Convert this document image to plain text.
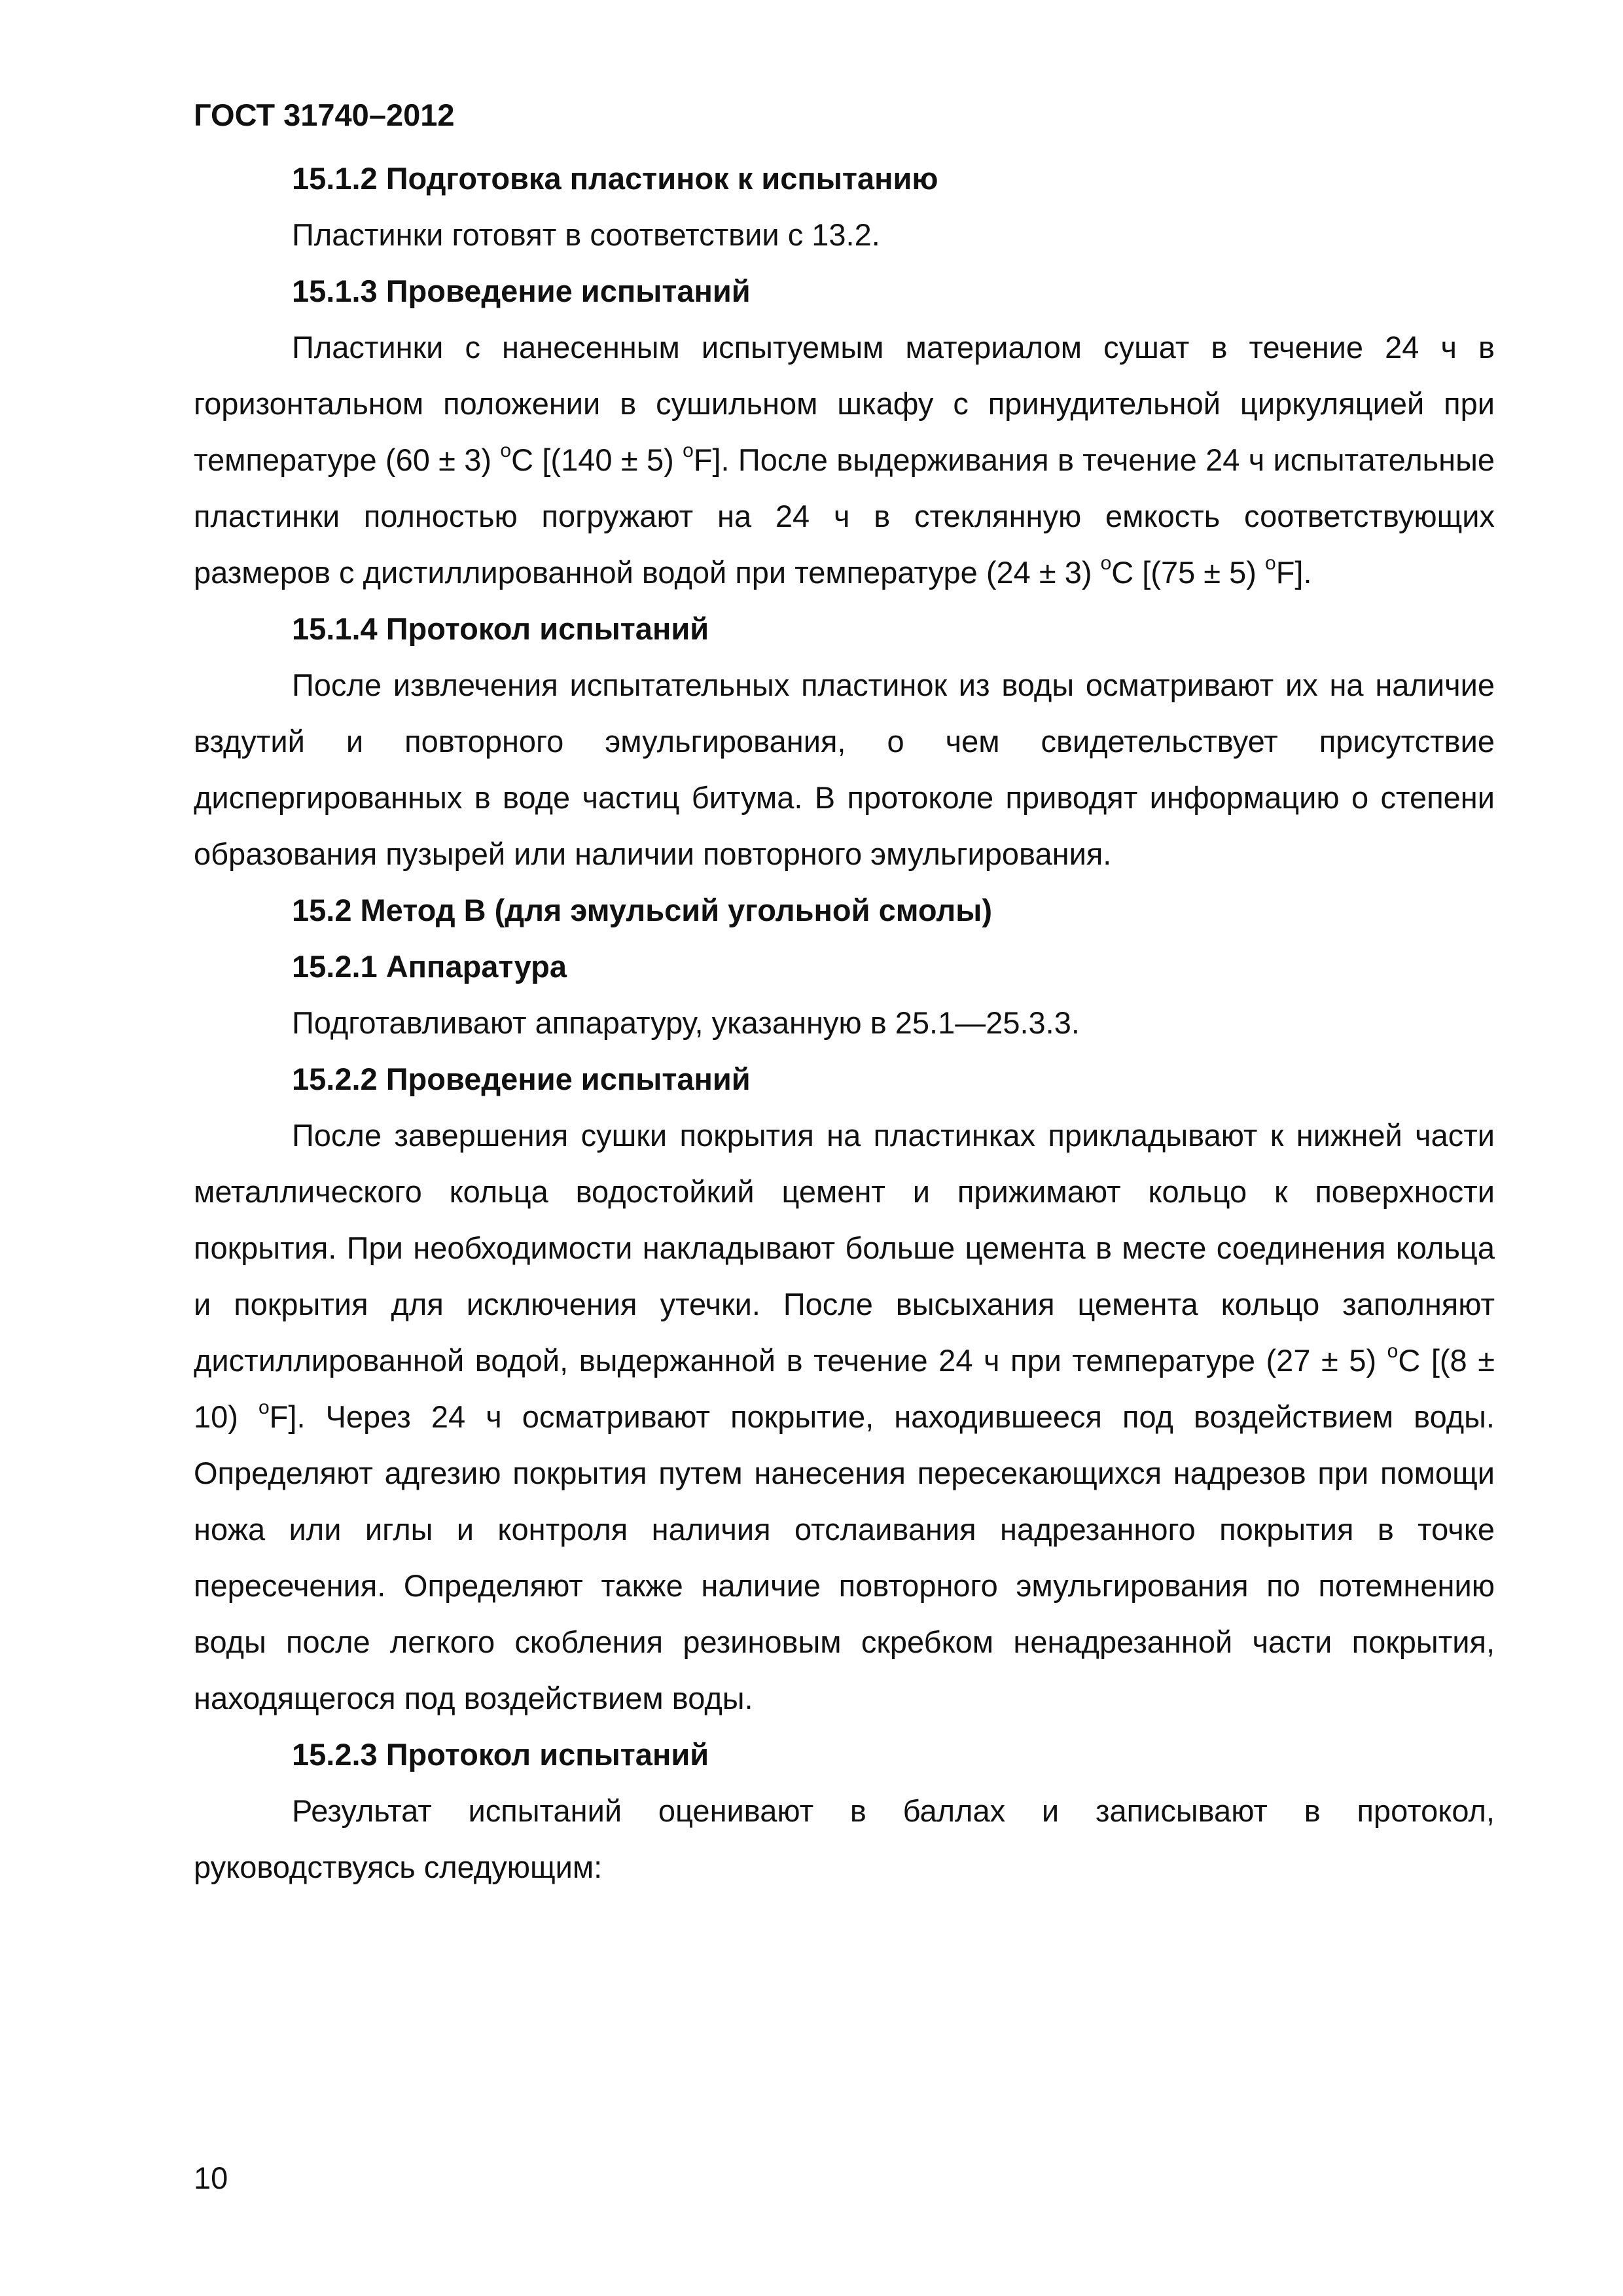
ГОСТ 31740–2012

15.1.2 Подготовка пластинок к испытанию

Пластинки готовят в соответствии с 13.2.

15.1.3 Проведение испытаний

Пластинки с нанесенным испытуемым материалом сушат в течение 24 ч в горизонтальном положении в сушильном шкафу с принудительной циркуляцией при температуре (60 ± 3) $^o$C [(140 ± 5) $^o$F]. После выдерживания в течение 24 ч испытательные пластинки полностью погружают на 24 ч в стеклянную емкость соответствующих размеров с дистиллированной водой при температуре (24 ± 3) $^o$C [(75 ± 5) $^o$F].

15.1.4 Протокол испытаний

После извлечения испытательных пластинок из воды осматривают их на наличие вздутий и повторного эмульгирования, о чем свидетельствует присутствие диспергированных в воде частиц битума. В протоколе приводят информацию о степени образования пузырей или наличии повторного эмульгирования.

15.2 Метод В (для эмульсий угольной смолы)

15.2.1 Аппаратура

Подготавливают аппаратуру, указанную в 25.1—25.3.3.

15.2.2 Проведение испытаний

После завершения сушки покрытия на пластинках прикладывают к нижней части металлического кольца водостойкий цемент и прижимают кольцо к поверхности покрытия. При необходимости накладывают больше цемента в месте соединения кольца и покрытия для исключения утечки. После высыхания цемента кольцо заполняют дистиллированной водой, выдержанной в течение 24 ч при температуре (27 ± 5) $^o$C [(8 ± 10) $^o$F]. Через 24 ч осматривают покрытие, находившееся под воздействием воды. Определяют адгезию покрытия путем нанесения пересекающихся надрезов при помощи ножа или иглы и контроля наличия отслаивания надрезанного покрытия в точке пересечения. Определяют также наличие повторного эмульгирования по потемнению воды после легкого скобления резиновым скребком ненадрезанной части покрытия, находящегося под воздействием воды.

15.2.3 Протокол испытаний

Результат испытаний оценивают в баллах и записывают в протокол, руководствуясь следующим:

10
